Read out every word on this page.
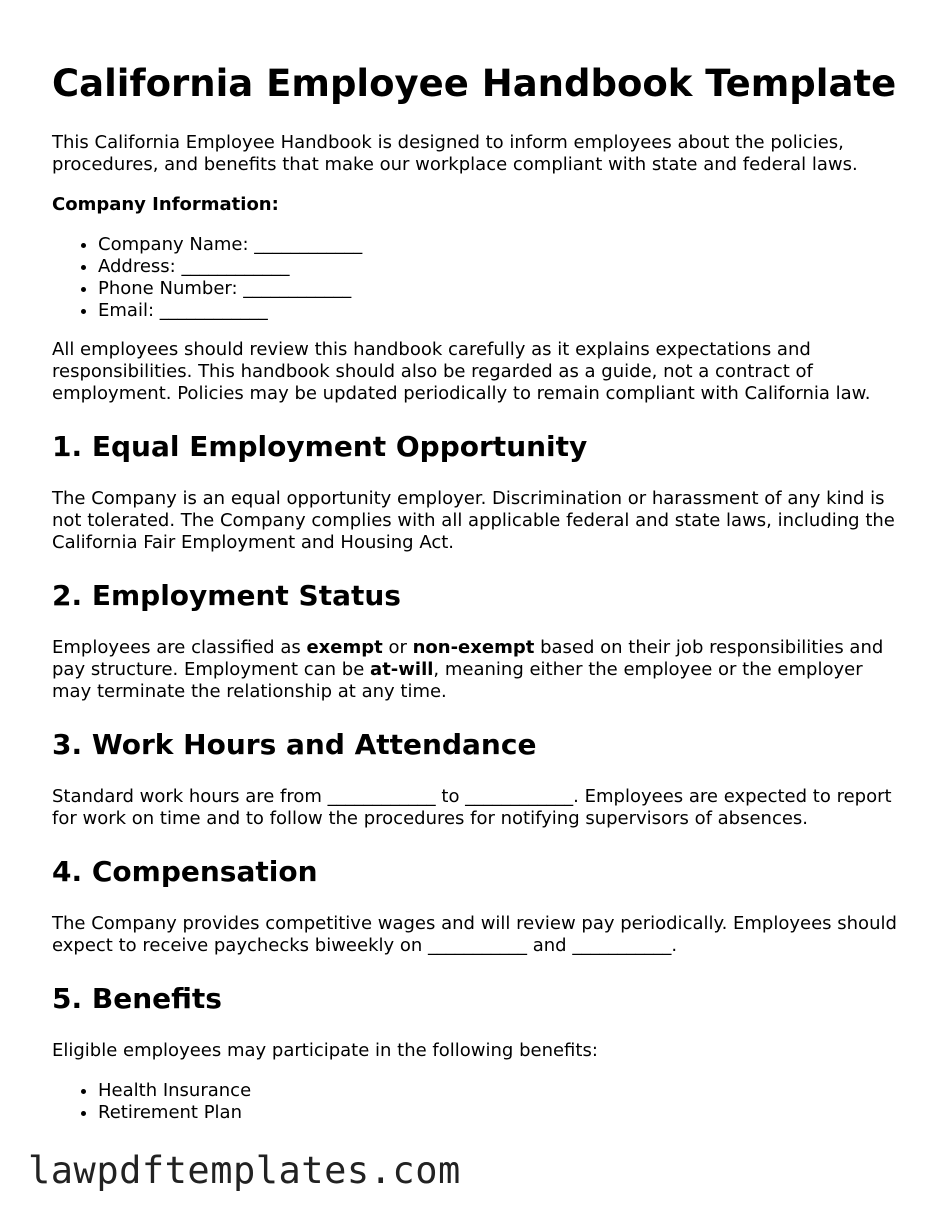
California Employee Handbook Template

This California Employee Handbook is designed to inform employees about the policies, procedures, and benefits that make our workplace compliant with state and federal laws.

Company Information:

• Company Name: ____________
• Address: ____________
• Phone Number: ____________
• Email: ____________

All employees should review this handbook carefully as it explains expectations and responsibilities. This handbook should also be regarded as a guide, not a contract of employment. Policies may be updated periodically to remain compliant with California law.

1. Equal Employment Opportunity

The Company is an equal opportunity employer. Discrimination or harassment of any kind is not tolerated. The Company complies with all applicable federal and state laws, including the California Fair Employment and Housing Act.

2. Employment Status

Employees are classified as exempt or non-exempt based on their job responsibilities and pay structure. Employment can be at-will, meaning either the employee or the employer may terminate the relationship at any time.

3. Work Hours and Attendance

Standard work hours are from ____________ to ____________. Employees are expected to report for work on time and to follow the procedures for notifying supervisors of absences.

4. Compensation

The Company provides competitive wages and will review pay periodically. Employees should expect to receive paychecks biweekly on ___________ and ___________.

5. Benefits

Eligible employees may participate in the following benefits:

• Health Insurance
• Retirement Plan
lawpdftemplates.com
